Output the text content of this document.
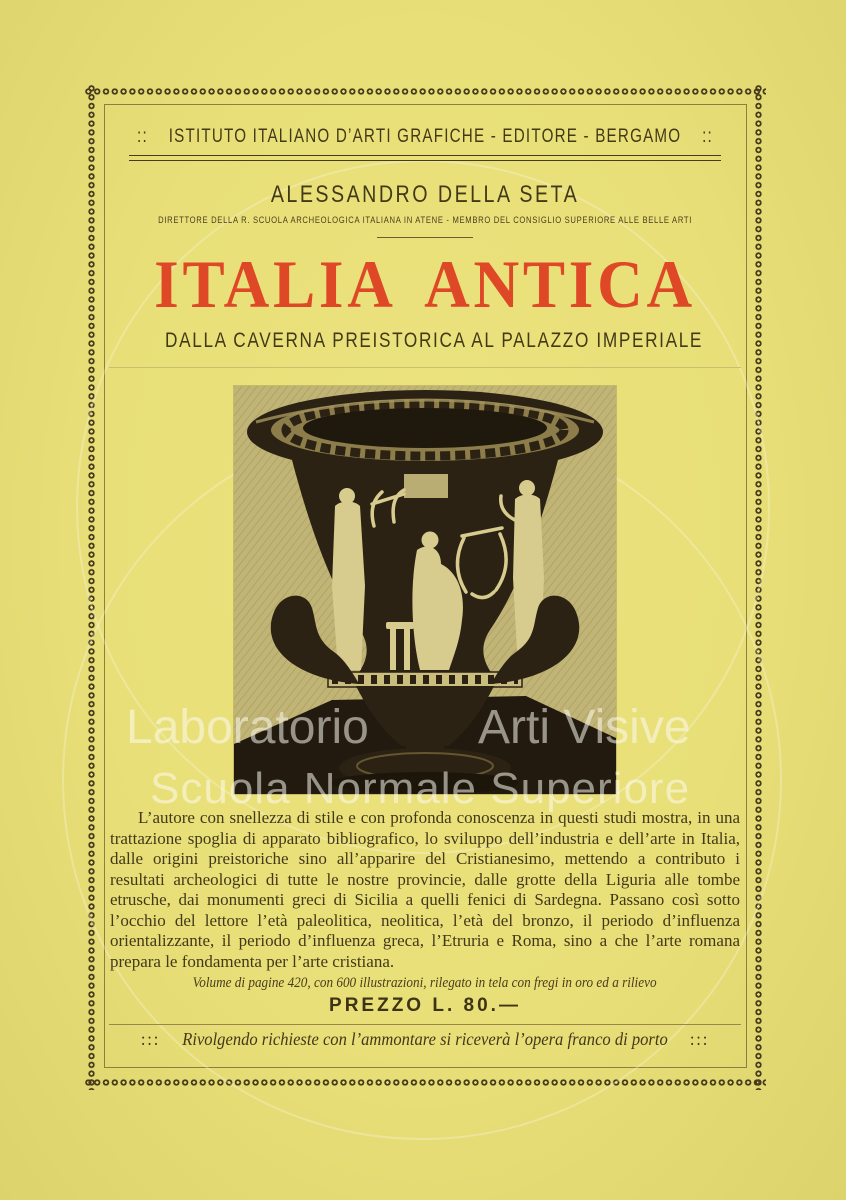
:: ISTITUTO ITALIANO D’ARTI GRAFICHE - EDITORE - BERGAMO ::
ALESSANDRO DELLA SETA
DIRETTORE DELLA R. SCUOLA ARCHEOLOGICA ITALIANA IN ATENE - MEMBRO DEL CONSIGLIO SUPERIORE ALLE BELLE ARTI
ITALIA ANTICA
DALLA CAVERNA PREISTORICA AL PALAZZO IMPERIALE

L’autore con snellezza di stile e con profonda conoscenza in questi studi mostra, in una trattazione spoglia di apparato bibliografico, lo sviluppo dell’industria e dell’arte in Italia, dalle origini preistoriche sino all’apparire del Cristianesimo, mettendo a contributo i resultati archeologici di tutte le nostre provincie, dalle grotte della Liguria alle tombe etrusche, dai monumenti greci di Sicilia a quelli fenici di Sardegna. Passano così sotto l’occhio del lettore l’età paleolitica, neolitica, l’età del bronzo, il periodo d’influenza orientalizzante, il periodo d’influenza greca, l’Etruria e Roma, sino a che l’arte romana prepara le fondamenta per l’arte cristiana.

Volume di pagine 420, con 600 illustrazioni, rilegato in tela con fregi in oro ed a rilievo
PREZZO L. 80.—
::: Rivolgendo richieste con l’ammontare si riceverà l’opera franco di porto :::
Laboratorio Arti Visive
Scuola Normale Superiore
